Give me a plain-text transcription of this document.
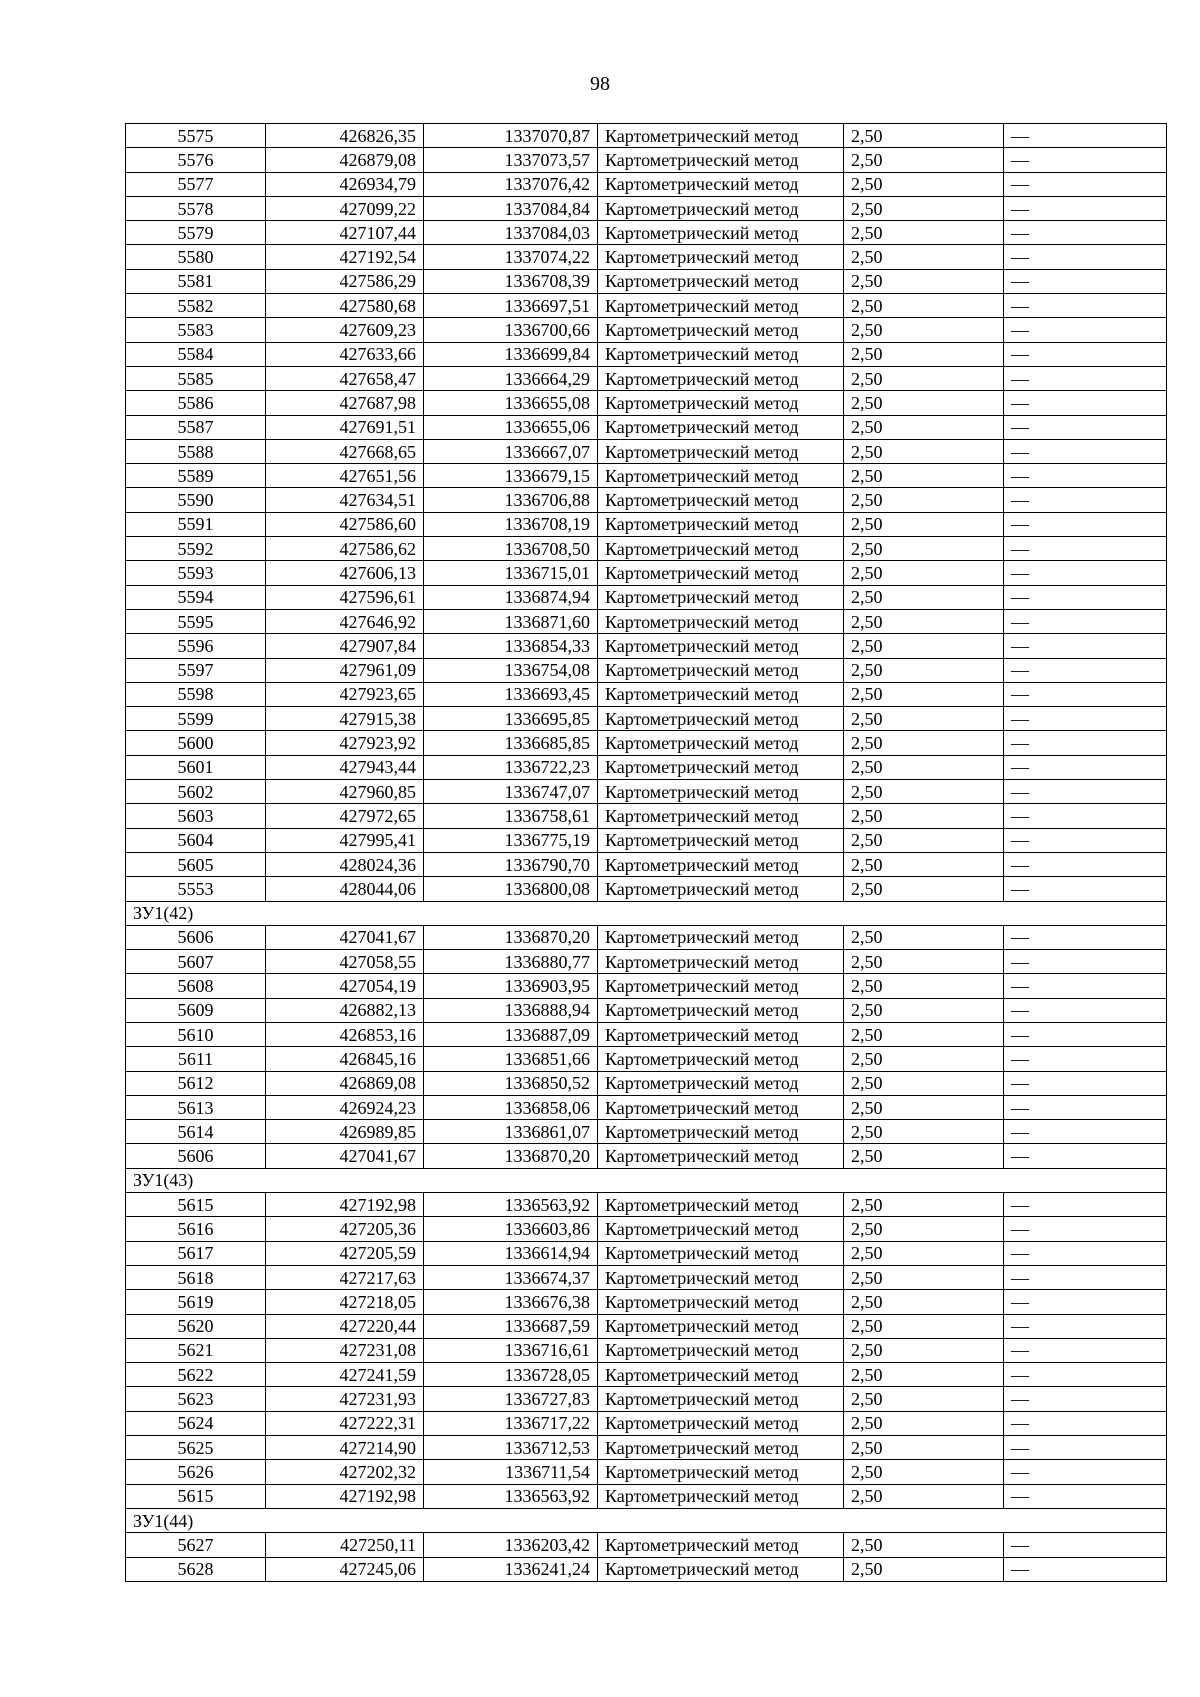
98
5575	426826,35	1337070,87	Картометрический метод	2,50	—
5576	426879,08	1337073,57	Картометрический метод	2,50	—
5577	426934,79	1337076,42	Картометрический метод	2,50	—
5578	427099,22	1337084,84	Картометрический метод	2,50	—
5579	427107,44	1337084,03	Картометрический метод	2,50	—
5580	427192,54	1337074,22	Картометрический метод	2,50	—
5581	427586,29	1336708,39	Картометрический метод	2,50	—
5582	427580,68	1336697,51	Картометрический метод	2,50	—
5583	427609,23	1336700,66	Картометрический метод	2,50	—
5584	427633,66	1336699,84	Картометрический метод	2,50	—
5585	427658,47	1336664,29	Картометрический метод	2,50	—
5586	427687,98	1336655,08	Картометрический метод	2,50	—
5587	427691,51	1336655,06	Картометрический метод	2,50	—
5588	427668,65	1336667,07	Картометрический метод	2,50	—
5589	427651,56	1336679,15	Картометрический метод	2,50	—
5590	427634,51	1336706,88	Картометрический метод	2,50	—
5591	427586,60	1336708,19	Картометрический метод	2,50	—
5592	427586,62	1336708,50	Картометрический метод	2,50	—
5593	427606,13	1336715,01	Картометрический метод	2,50	—
5594	427596,61	1336874,94	Картометрический метод	2,50	—
5595	427646,92	1336871,60	Картометрический метод	2,50	—
5596	427907,84	1336854,33	Картометрический метод	2,50	—
5597	427961,09	1336754,08	Картометрический метод	2,50	—
5598	427923,65	1336693,45	Картометрический метод	2,50	—
5599	427915,38	1336695,85	Картометрический метод	2,50	—
5600	427923,92	1336685,85	Картометрический метод	2,50	—
5601	427943,44	1336722,23	Картометрический метод	2,50	—
5602	427960,85	1336747,07	Картометрический метод	2,50	—
5603	427972,65	1336758,61	Картометрический метод	2,50	—
5604	427995,41	1336775,19	Картометрический метод	2,50	—
5605	428024,36	1336790,70	Картометрический метод	2,50	—
5553	428044,06	1336800,08	Картометрический метод	2,50	—
ЗУ1(42)					
5606	427041,67	1336870,20	Картометрический метод	2,50	—
5607	427058,55	1336880,77	Картометрический метод	2,50	—
5608	427054,19	1336903,95	Картометрический метод	2,50	—
5609	426882,13	1336888,94	Картометрический метод	2,50	—
5610	426853,16	1336887,09	Картометрический метод	2,50	—
5611	426845,16	1336851,66	Картометрический метод	2,50	—
5612	426869,08	1336850,52	Картометрический метод	2,50	—
5613	426924,23	1336858,06	Картометрический метод	2,50	—
5614	426989,85	1336861,07	Картометрический метод	2,50	—
5606	427041,67	1336870,20	Картометрический метод	2,50	—
ЗУ1(43)					
5615	427192,98	1336563,92	Картометрический метод	2,50	—
5616	427205,36	1336603,86	Картометрический метод	2,50	—
5617	427205,59	1336614,94	Картометрический метод	2,50	—
5618	427217,63	1336674,37	Картометрический метод	2,50	—
5619	427218,05	1336676,38	Картометрический метод	2,50	—
5620	427220,44	1336687,59	Картометрический метод	2,50	—
5621	427231,08	1336716,61	Картометрический метод	2,50	—
5622	427241,59	1336728,05	Картометрический метод	2,50	—
5623	427231,93	1336727,83	Картометрический метод	2,50	—
5624	427222,31	1336717,22	Картометрический метод	2,50	—
5625	427214,90	1336712,53	Картометрический метод	2,50	—
5626	427202,32	1336711,54	Картометрический метод	2,50	—
5615	427192,98	1336563,92	Картометрический метод	2,50	—
ЗУ1(44)					
5627	427250,11	1336203,42	Картометрический метод	2,50	—
5628	427245,06	1336241,24	Картометрический метод	2,50	—
